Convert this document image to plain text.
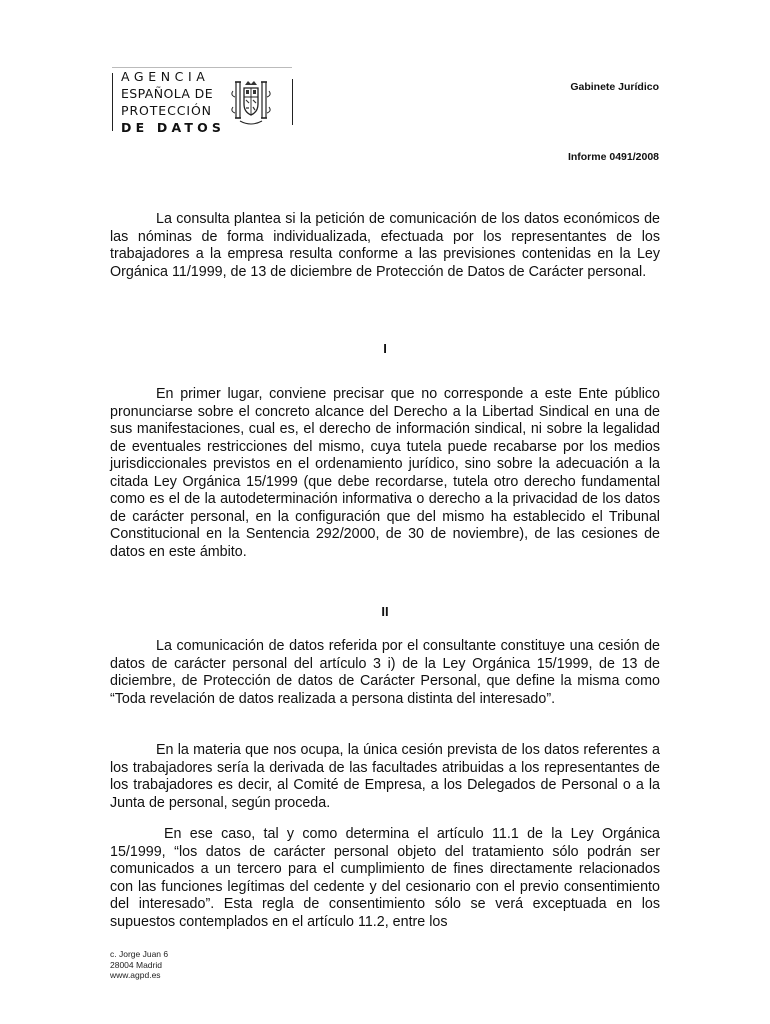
AGENCIA
ESPAÑOLA DE
PROTECCIÓN
DE DATOS
Gabinete Jurídico
Informe 0491/2008

La consulta plantea si la petición de comunicación de los datos económicos de las nóminas de forma individualizada, efectuada por los representantes de los trabajadores a la empresa resulta conforme a las previsiones contenidas en la Ley Orgánica 11/1999, de 13 de diciembre de Protección de Datos de Carácter personal.

I

En primer lugar, conviene precisar que no corresponde a este Ente público pronunciarse sobre el concreto alcance del Derecho a la Libertad Sindical en una de sus manifestaciones, cual es, el derecho de información sindical, ni sobre la legalidad de eventuales restricciones del mismo, cuya tutela puede recabarse por los medios jurisdiccionales previstos en el ordenamiento jurídico, sino sobre la adecuación a la citada Ley Orgánica 15/1999 (que debe recordarse, tutela otro derecho fundamental como es el de la autodeterminación informativa o derecho a la privacidad de los datos de carácter personal, en la configuración que del mismo ha establecido el Tribunal Constitucional en la Sentencia 292/2000, de 30 de noviembre), de las cesiones de datos en este ámbito.

II

La comunicación de datos referida por el consultante constituye una cesión de datos de carácter personal del artículo 3 i) de la Ley Orgánica 15/1999, de 13 de diciembre, de Protección de datos de Carácter Personal, que define la misma como “Toda revelación de datos realizada a persona distinta del interesado”.

En la materia que nos ocupa, la única cesión prevista de los datos referentes a los trabajadores sería la derivada de las facultades atribuidas a los representantes de los trabajadores es decir, al Comité de Empresa, a los Delegados de Personal o a la Junta de personal, según proceda.

En ese caso, tal y como determina el artículo 11.1 de la Ley Orgánica 15/1999, “los datos de carácter personal objeto del tratamiento sólo podrán ser comunicados a un tercero para el cumplimiento de fines directamente relacionados con las funciones legítimas del cedente y del cesionario con el previo consentimiento del interesado”. Esta regla de consentimiento sólo se verá exceptuada en los supuestos contemplados en el artículo 11.2, entre los

c. Jorge Juan 6
28004 Madrid
www.agpd.es
